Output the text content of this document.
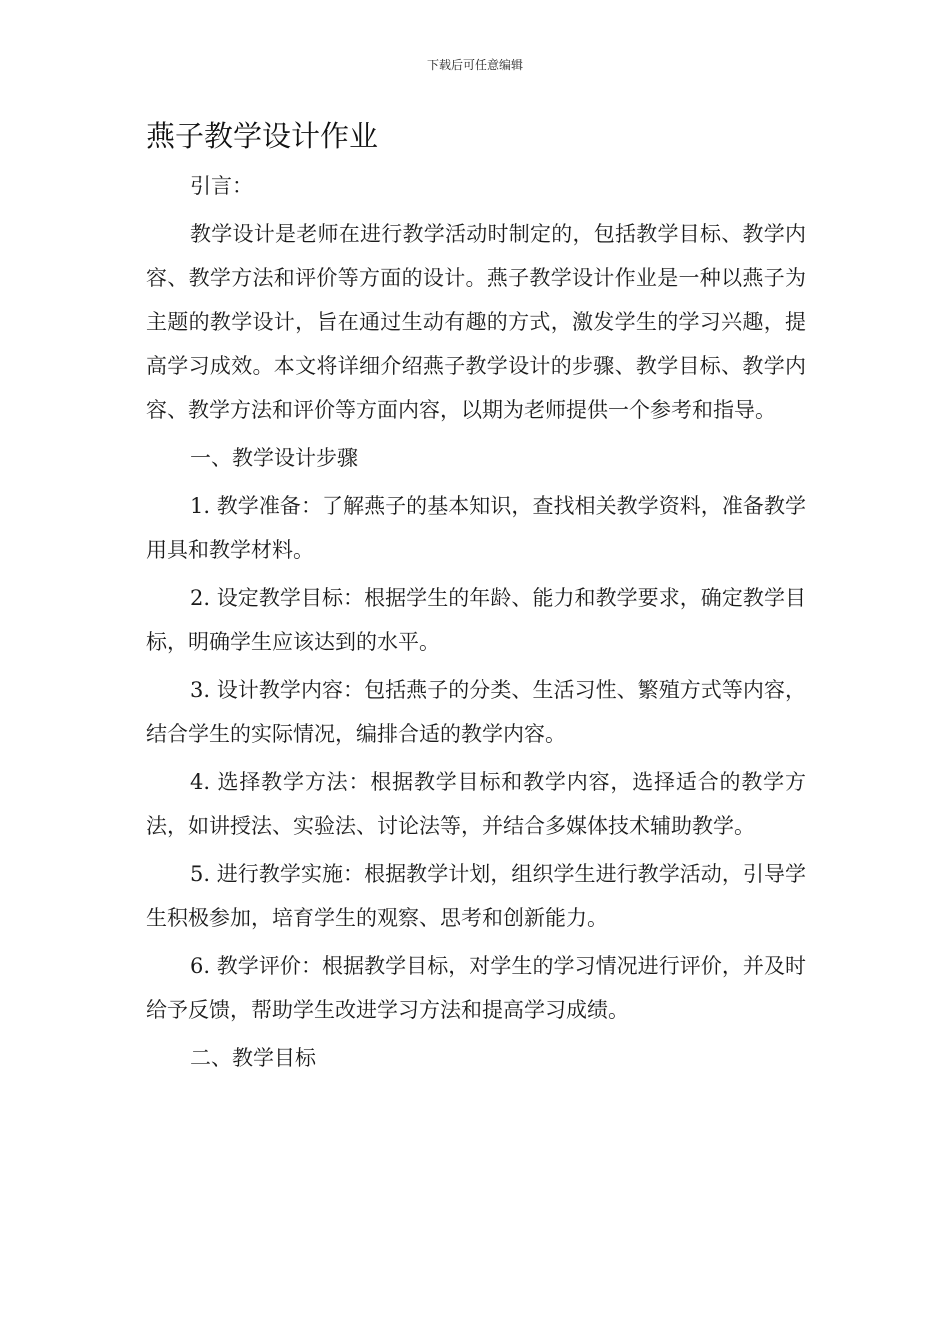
下载后可任意编辑
燕子教学设计作业

引言：

教学设计是老师在进行教学活动时制定的，包括教学目标、教学内容、教学方法和评价等方面的设计。燕子教学设计作业是一种以燕子为主题的教学设计，旨在通过生动有趣的方式，激发学生的学习兴趣，提高学习成效。本文将详细介绍燕子教学设计的步骤、教学目标、教学内容、教学方法和评价等方面内容，以期为老师提供一个参考和指导。

一、教学设计步骤

1. 教学准备：了解燕子的基本知识，查找相关教学资料，准备教学用具和教学材料。

2. 设定教学目标：根据学生的年龄、能力和教学要求，确定教学目标，明确学生应该达到的水平。

3. 设计教学内容：包括燕子的分类、生活习性、繁殖方式等内容，结合学生的实际情况，编排合适的教学内容。

4. 选择教学方法：根据教学目标和教学内容，选择适合的教学方法，如讲授法、实验法、讨论法等，并结合多媒体技术辅助教学。

5. 进行教学实施：根据教学计划，组织学生进行教学活动，引导学生积极参加，培育学生的观察、思考和创新能力。

6. 教学评价：根据教学目标，对学生的学习情况进行评价，并及时给予反馈，帮助学生改进学习方法和提高学习成绩。

二、教学目标
